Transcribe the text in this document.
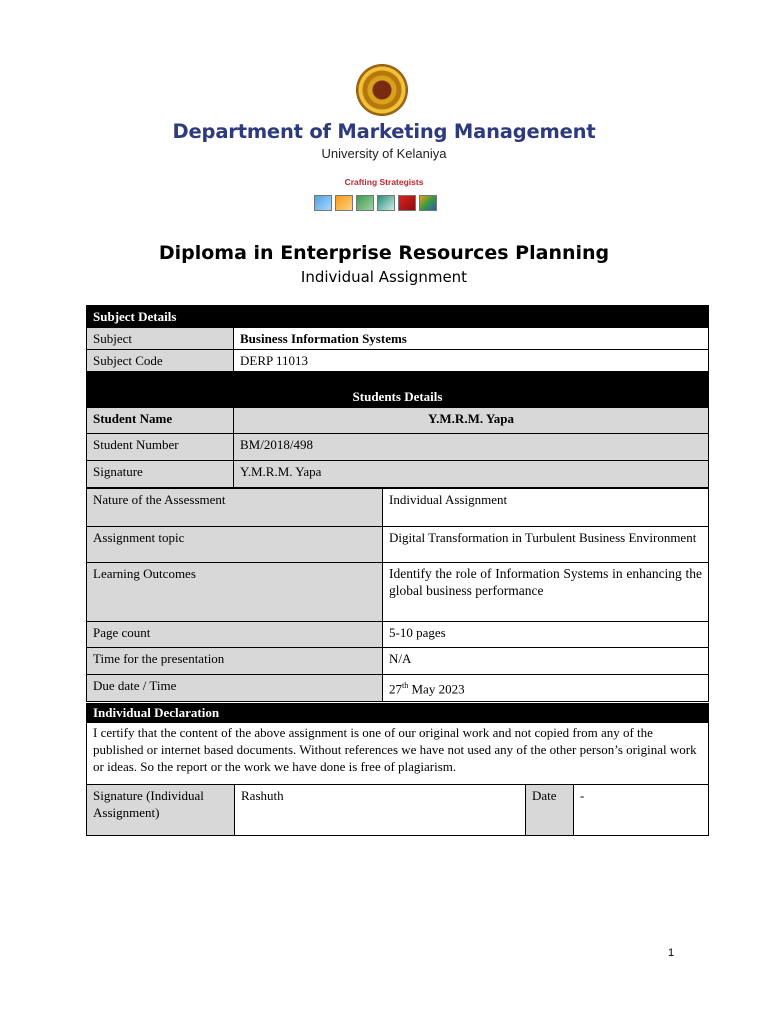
Department of Marketing Management
University of Kelaniya
Crafting Strategists
Diploma in Enterprise Resources Planning
Individual Assignment
Subject Details	
Subject	Business Information Systems
Subject Code	DERP 11013
Students Details	
Student Name	Y.M.R.M. Yapa
Student Number	BM/2018/498
Signature	Y.M.R.M. Yapa
Nature of the Assessment	Individual Assignment
Assignment topic	Digital Transformation in Turbulent Business Environment
Learning Outcomes	Identify the role of Information Systems in enhancing the global business performance
Page count	5-10 pages
Time for the presentation	N/A
Due date / Time	27th May 2023
Individual Declaration
I certify that the content of the above assignment is one of our original work and not copied from any of the published or internet based documents. Without references we have not used any of the other person’s original work or ideas. So the report or the work we have done is free of plagiarism.
Signature (Individual Assignment)	Rashuth	Date	-
1
